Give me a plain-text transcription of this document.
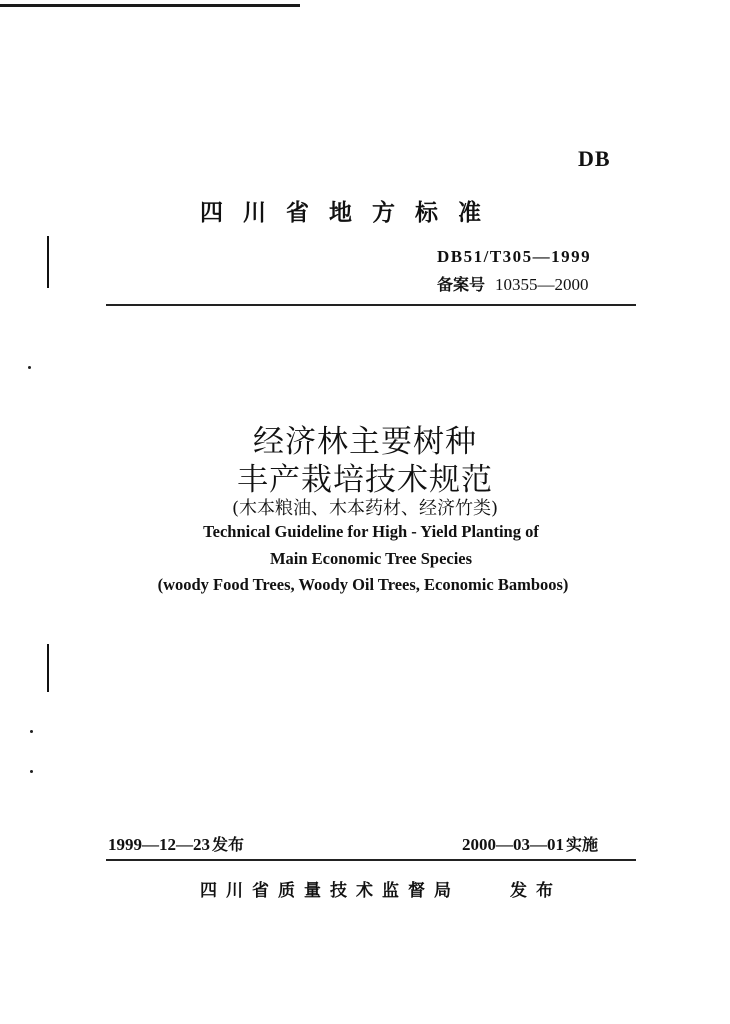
DB
四川省地方标准
DB51/T305—1999
备案号 10355—2000
经济林主要树种
丰产栽培技术规范
(木本粮油、木本药材、经济竹类)
Technical Guideline for High - Yield Planting of
Main Economic Tree Species
(woody Food Trees, Woody Oil Trees, Economic Bamboos)
1999—12—23 发布	2000—03—01 实施
四川省质量技术监督局	发布
